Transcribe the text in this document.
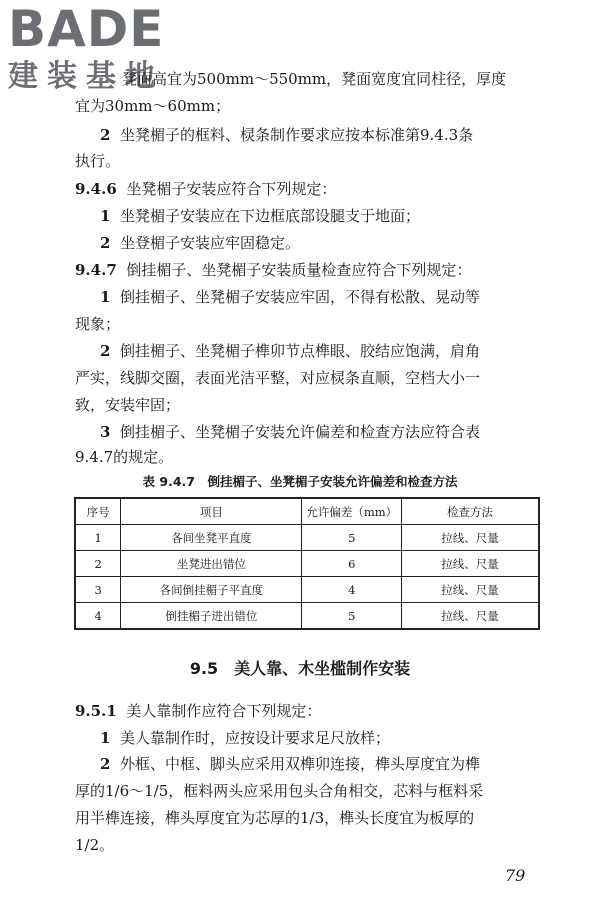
BADE
建装基地
凳面高宜为500mm～550mm，凳面宽度宜同柱径，厚度
宜为30mm～60mm；
2 坐凳楣子的框料、棂条制作要求应按本标准第9.4.3条
执行。
9.4.6 坐凳楣子安装应符合下列规定：
1 坐凳楣子安装应在下边框底部设腿支于地面；
2 坐登楣子安装应牢固稳定。
9.4.7 倒挂楣子、坐凳楣子安装质量检查应符合下列规定：
1 倒挂楣子、坐凳楣子安装应牢固，不得有松散、晃动等
现象；
2 倒挂楣子、坐凳楣子榫卯节点榫眼、胶结应饱满，肩角
严实，线脚交圈，表面光洁平整，对应棂条直顺，空档大小一
致，安装牢固；
3 倒挂楣子、坐凳楣子安装允许偏差和检查方法应符合表
9.4.7的规定。
表 9.4.7　倒挂楣子、坐凳楣子安装允许偏差和检查方法
序号	项目	允许偏差（mm）	检查方法
1	各间坐凳平直度	5	拉线、尺量
2	坐凳进出错位	6	拉线、尺量
3	各间倒挂楣子平直度	4	拉线、尺量
4	倒挂楣子进出错位	5	拉线、尺量
9.5　美人靠、木坐槛制作安装
9.5.1 美人靠制作应符合下列规定：
1 美人靠制作时，应按设计要求足尺放样；
2 外框、中框、脚头应采用双榫卯连接，榫头厚度宜为榫
厚的1/6～1/5，框料两头应采用包头合角相交，芯料与框料采
用半榫连接，榫头厚度宜为芯厚的1/3，榫头长度宜为板厚的
1/2。
79
